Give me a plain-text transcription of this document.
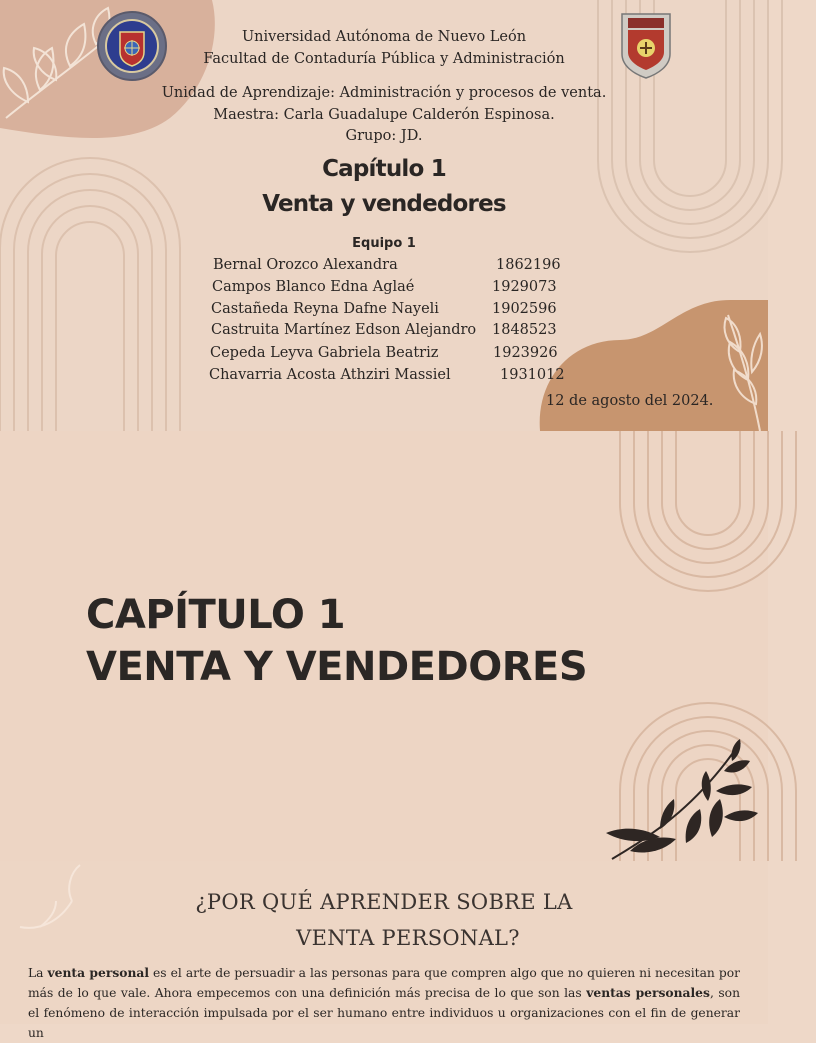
Universidad Autónoma de Nuevo León
Facultad de Contaduría Pública y Administración
Unidad de Aprendizaje: Administración y procesos de venta.
Maestra: Carla Guadalupe Calderón Espinosa.
Grupo: JD.
Capítulo 1
Venta y vendedores
Equipo 1
Bernal Orozco Alexandra	1862196
Campos Blanco Edna Aglaé	1929073
Castañeda Reyna Dafne Nayeli	1902596
Castruita Martínez Edson Alejandro 1848523
Cepeda Leyva Gabriela Beatriz	1923926
Chavarria Acosta Athziri Massiel	1931012
12 de agosto del 2024.
CAPÍTULO 1
VENTA Y VENDEDORES
¿POR QUÉ APRENDER SOBRE LA
VENTA PERSONAL?
La venta personal es el arte de persuadir a las personas para que compren algo que no quieren ni necesitan por más de lo que vale. Ahora empecemos con una definición más precisa de lo que son las ventas personales, son el fenómeno de interacción impulsada por el ser humano entre individuos u organizaciones con el fin de generar un
